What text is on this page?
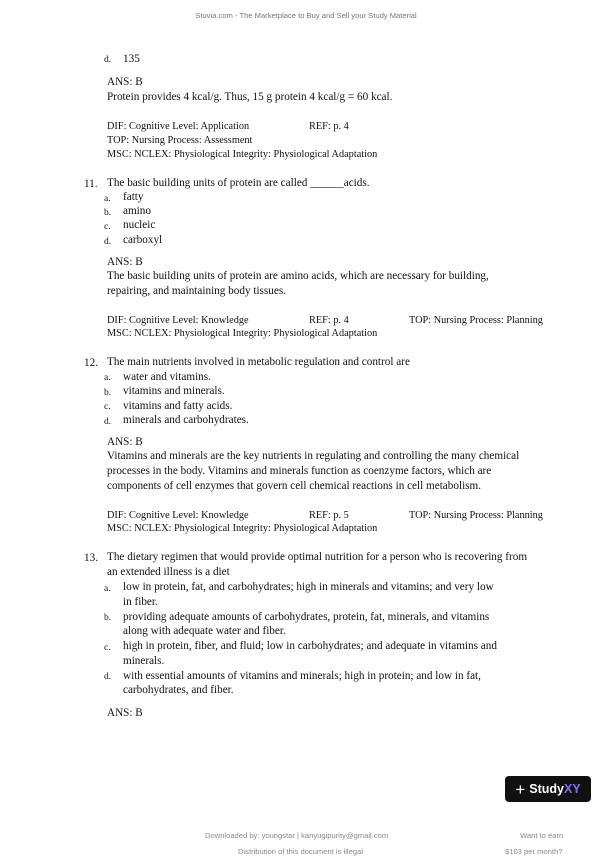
Stuvia.com - The Marketplace to Buy and Sell your Study Material
d. 135
ANS: B
Protein provides 4 kcal/g. Thus, 15 g protein 4 kcal/g = 60 kcal.
DIF: Cognitive Level: Application	REF: p. 4
TOP: Nursing Process: Assessment
MSC: NCLEX: Physiological Integrity: Physiological Adaptation
11. The basic building units of protein are called ______acids.
a. fatty
b. amino
c. nucleic
d. carboxyl
ANS: B
The basic building units of protein are amino acids, which are necessary for building,
repairing, and maintaining body tissues.
DIF: Cognitive Level: Knowledge	REF: p. 4	TOP: Nursing Process: Planning
MSC: NCLEX: Physiological Integrity: Physiological Adaptation
12. The main nutrients involved in metabolic regulation and control are
a. water and vitamins.
b. vitamins and minerals.
c. vitamins and fatty acids.
d. minerals and carbohydrates.
ANS: B
Vitamins and minerals are the key nutrients in regulating and controlling the many chemical
processes in the body. Vitamins and minerals function as coenzyme factors, which are
components of cell enzymes that govern cell chemical reactions in cell metabolism.
DIF: Cognitive Level: Knowledge	REF: p. 5	TOP: Nursing Process: Planning
MSC: NCLEX: Physiological Integrity: Physiological Adaptation
13. The dietary regimen that would provide optimal nutrition for a person who is recovering from
an extended illness is a diet
a. low in protein, fat, and carbohydrates; high in minerals and vitamins; and very low
in fiber.
b. providing adequate amounts of carbohydrates, protein, fat, minerals, and vitamins
along with adequate water and fiber.
c. high in protein, fiber, and fluid; low in carbohydrates; and adequate in vitamins and
minerals.
d. with essential amounts of vitamins and minerals; high in protein; and low in fat,
carbohydrates, and fiber.
ANS: B
+ StudyXY
Downloaded by: youngstar | kanyugipurity@gmail.com
Distribution of this document is illegal
Want to earn
$103 per month?
